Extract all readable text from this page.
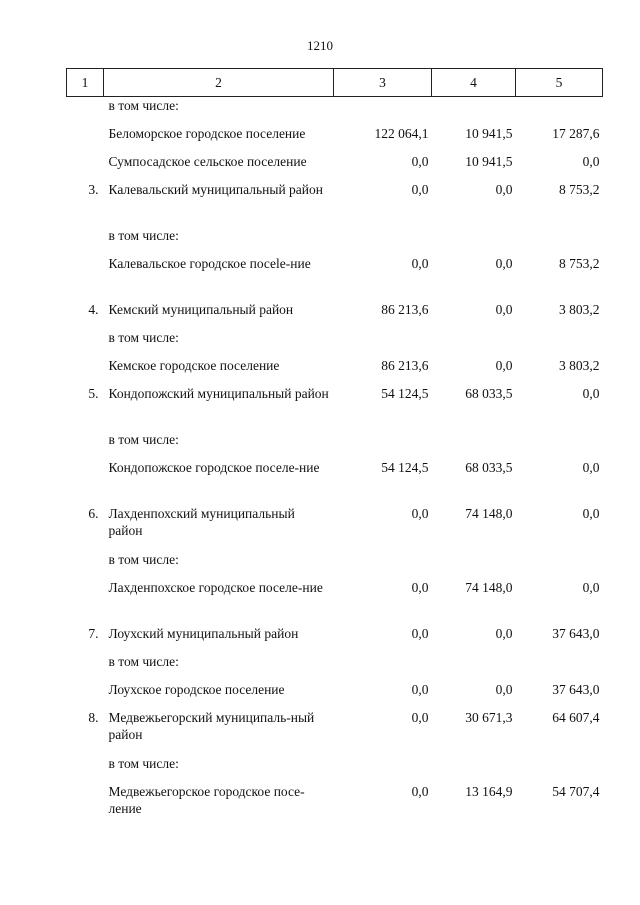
1210
1	2	3	4	5
	в том числе:			
	Беломорское городское поселение	122 064,1	10 941,5	17 287,6
	Сумпосадское сельское поселение	0,0	10 941,5	0,0
3.	Калевальский муниципальный район	0,0	0,0	8 753,2
	в том числе:			
	Калевальское городское посеle-ние	0,0	0,0	8 753,2
4.	Кемский муниципальный район	86 213,6	0,0	3 803,2
	в том числе:			
	Кемское городское поселение	86 213,6	0,0	3 803,2
5.	Кондопожский муниципальный район	54 124,5	68 033,5	0,0
	в том числе:			
	Кондопожское городское поселе-ние	54 124,5	68 033,5	0,0
6.	Лахденпохский муниципальный район	0,0	74 148,0	0,0
	в том числе:			
	Лахденпохское городское поселе-ние	0,0	74 148,0	0,0
7.	Лоухский муниципальный район	0,0	0,0	37 643,0
	в том числе:			
	Лоухское городское поселение	0,0	0,0	37 643,0
8.	Медвежьегорский муниципаль-ный район	0,0	30 671,3	64 607,4
	в том числе:			
	Медвежьегорское городское посе-ление	0,0	13 164,9	54 707,4
